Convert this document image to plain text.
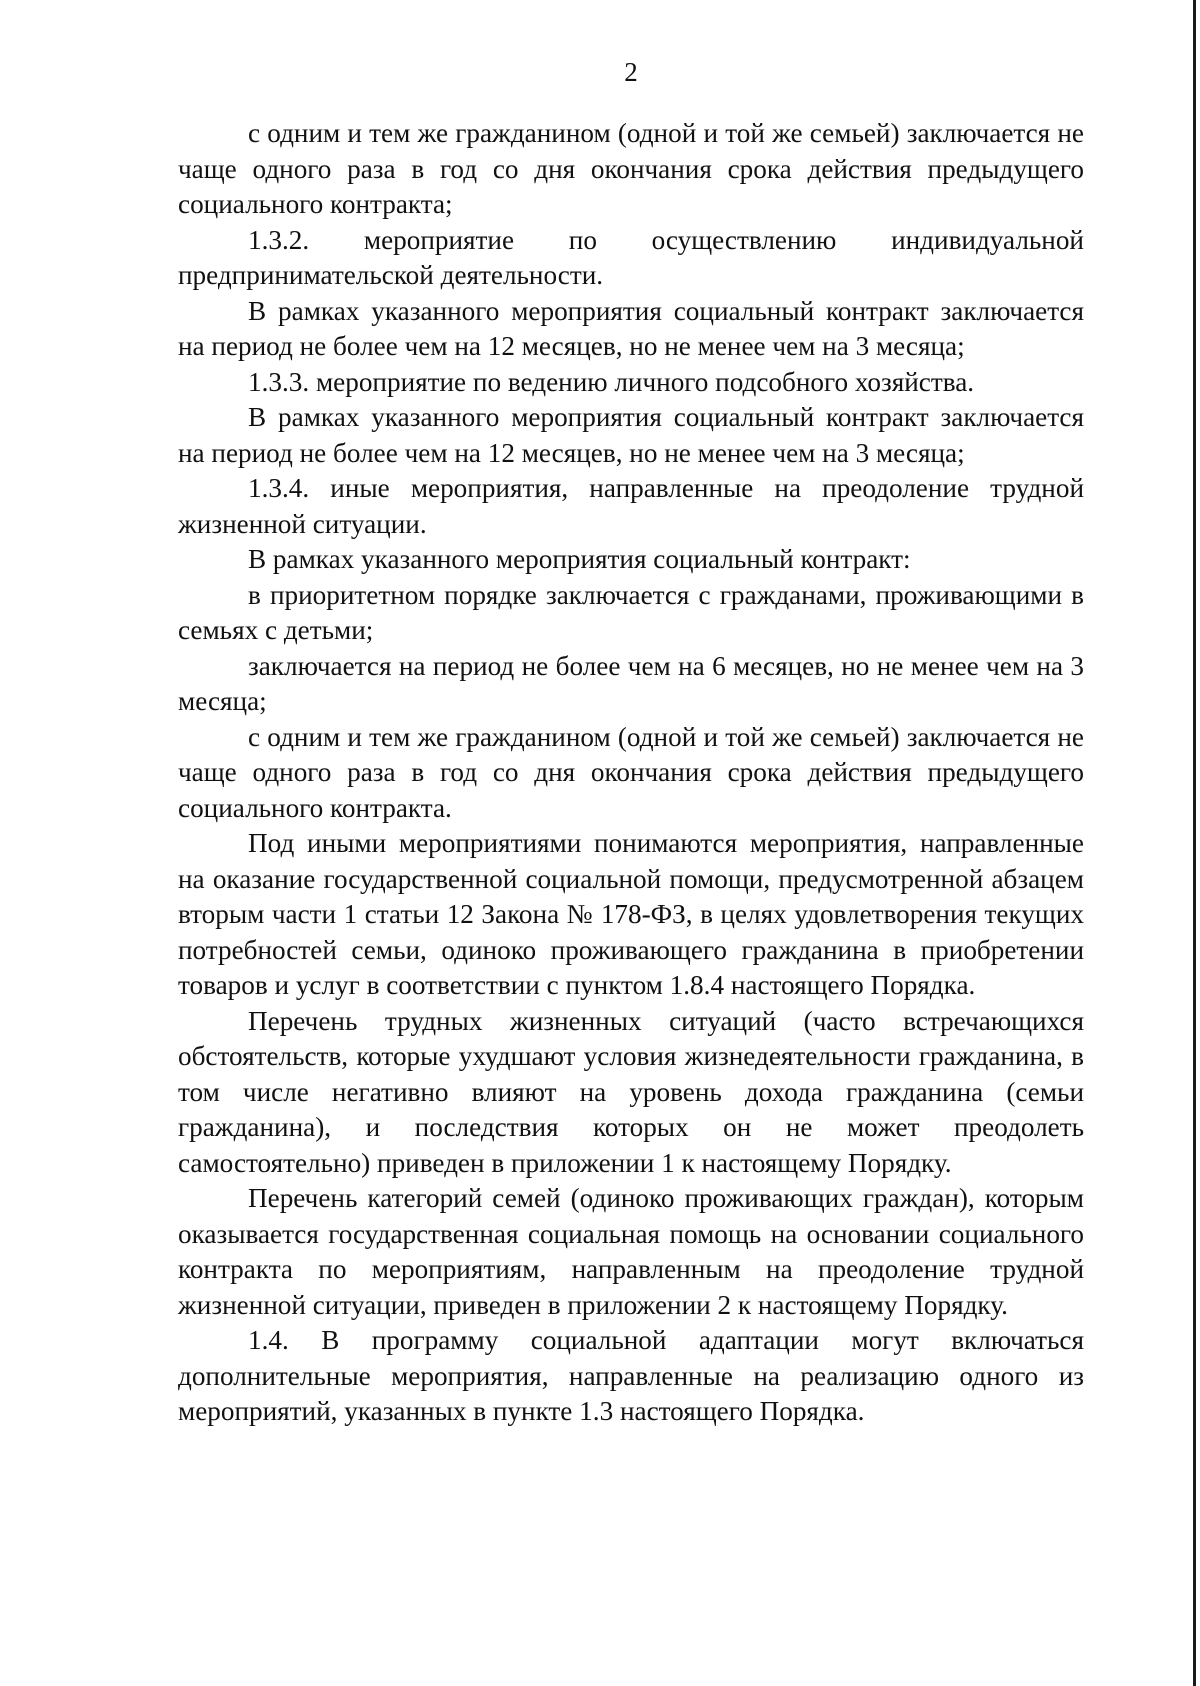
2

с одним и тем же гражданином (одной и той же семьей) заключается не чаще одного раза в год со дня окончания срока действия предыдущего социального контракта;

1.3.2. мероприятие по осуществлению индивидуальной предпринимательской деятельности.

В рамках указанного мероприятия социальный контракт заключается на период не более чем на 12 месяцев, но не менее чем на 3 месяца;

1.3.3. мероприятие по ведению личного подсобного хозяйства.

В рамках указанного мероприятия социальный контракт заключается на период не более чем на 12 месяцев, но не менее чем на 3 месяца;

1.3.4. иные мероприятия, направленные на преодоление трудной жизненной ситуации.

В рамках указанного мероприятия социальный контракт:

в приоритетном порядке заключается с гражданами, проживающими в семьях с детьми;

заключается на период не более чем на 6 месяцев, но не менее чем на 3 месяца;

с одним и тем же гражданином (одной и той же семьей) заключается не чаще одного раза в год со дня окончания срока действия предыдущего социального контракта.

Под иными мероприятиями понимаются мероприятия, направленные на оказание государственной социальной помощи, предусмотренной абзацем вторым части 1 статьи 12 Закона № 178-ФЗ, в целях удовлетворения текущих потребностей семьи, одиноко проживающего гражданина в приобретении товаров и услуг в соответствии с пунктом 1.8.4 настоящего Порядка.

Перечень трудных жизненных ситуаций (часто встречающихся обстоятельств, которые ухудшают условия жизнедеятельности гражданина, в том числе негативно влияют на уровень дохода гражданина (семьи гражданина), и последствия которых он не может преодолеть самостоятельно) приведен в приложении 1 к настоящему Порядку.

Перечень категорий семей (одиноко проживающих граждан), которым оказывается государственная социальная помощь на основании социального контракта по мероприятиям, направленным на преодоление трудной жизненной ситуации, приведен в приложении 2 к настоящему Порядку.

1.4. В программу социальной адаптации могут включаться дополнительные мероприятия, направленные на реализацию одного из мероприятий, указанных в пункте 1.3 настоящего Порядка.
